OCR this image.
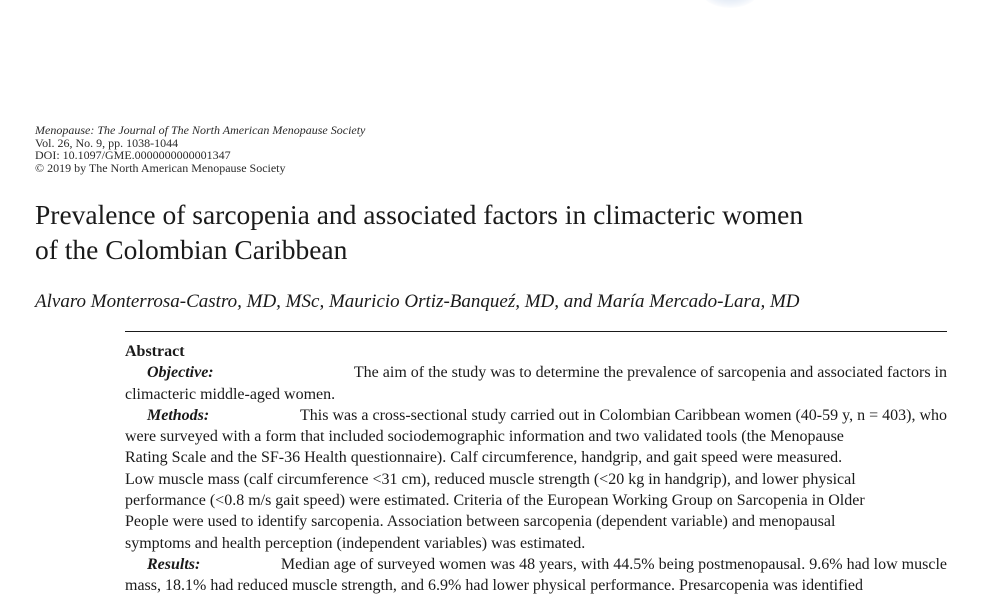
Menopause: The Journal of The North American Menopause Society
Vol. 26, No. 9, pp. 1038-1044
DOI: 10.1097/GME.0000000000001347
© 2019 by The North American Menopause Society
Prevalence of sarcopenia and associated factors in climacteric women
of the Colombian Caribbean
Alvaro Monterrosa-Castro, MD, MSc, Mauricio Ortiz-Banqueź, MD, and María Mercado-Lara, MD
Abstract

Objective:	The aim of the study was to determine the prevalence of sarcopenia and associated factors in
climacteric middle-aged women.

Methods:	This was a cross-sectional study carried out in Colombian Caribbean women (40-59 y, n = 403), who
were surveyed with a form that included sociodemographic information and two validated tools (the Menopause
Rating Scale and the SF-36 Health questionnaire). Calf circumference, handgrip, and gait speed were measured.
Low muscle mass (calf circumference <31 cm), reduced muscle strength (<20 kg in handgrip), and lower physical
performance (<0.8 m/s gait speed) were estimated. Criteria of the European Working Group on Sarcopenia in Older
People were used to identify sarcopenia. Association between sarcopenia (dependent variable) and menopausal
symptoms and health perception (independent variables) was estimated.

Results:	Median age of surveyed women was 48 years, with 44.5% being postmenopausal. 9.6% had low muscle
mass, 18.1% had reduced muscle strength, and 6.9% had lower physical performance. Presarcopenia was identified
